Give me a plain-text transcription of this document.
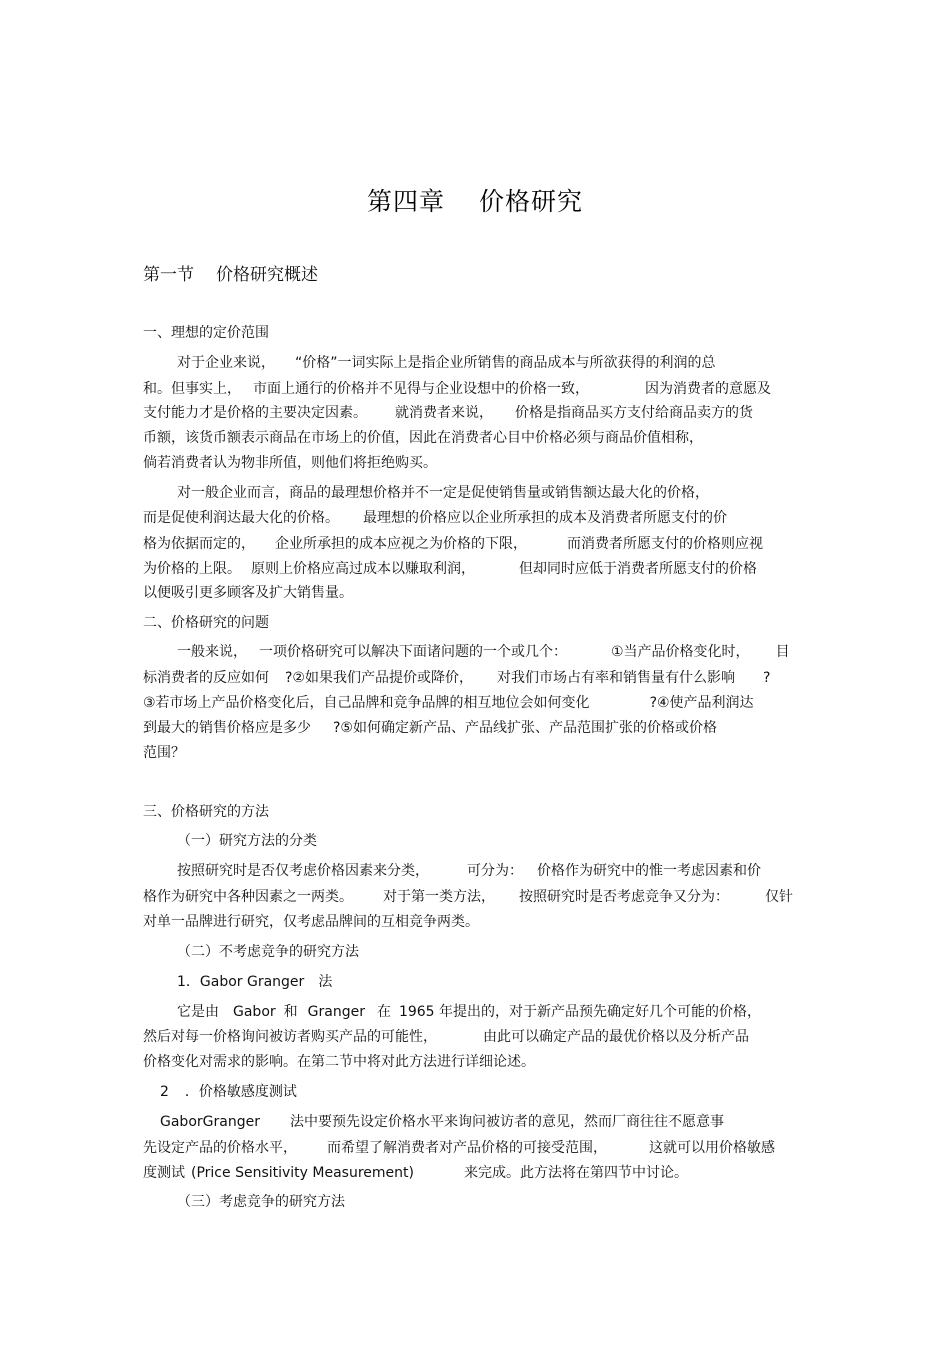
第四章 价格研究
第一节 价格研究概述
一、理想的定价范围
对于企业来说， “价格”一词实际上是指企业所销售的商品成本与所欲获得的利润的总
和。但事实上， 市面上通行的价格并不见得与企业设想中的价格一致，	因为消费者的意愿及
支付能力才是价格的主要决定因素。 就消费者来说， 价格是指商品买方支付给商品卖方的货
币额，该货币额表示商品在市场上的价值，因此在消费者心目中价格必须与商品价值相称，
倘若消费者认为物非所值，则他们将拒绝购买。
对一般企业而言，商品的最理想价格并不一定是促使销售量或销售额达最大化的价格，
而是促使利润达最大化的价格。 最理想的价格应以企业所承担的成本及消费者所愿支付的价
格为依据而定的， 企业所承担的成本应视之为价格的下限，	而消费者所愿支付的价格则应视
为价格的上限。 原则上价格应高过成本以赚取利润，	但却同时应低于消费者所愿支付的价格
以便吸引更多顾客及扩大销售量。
二、价格研究的问题
一般来说， 一项价格研究可以解决下面诸问题的一个或几个：	①当产品价格变化时， 目
标消费者的反应如何 ?②如果我们产品提价或降价， 对我们市场占有率和销售量有什么影响 ?
③若市场上产品价格变化后，自己品牌和竞争品牌的相互地位会如何变化	?④使产品利润达
到最大的销售价格应是多少 ?⑤如何确定新产品、产品线扩张、产品范围扩张的价格或价格
范围？
三、价格研究的方法
（一）研究方法的分类
按照研究时是否仅考虑价格因素来分类，	可分为： 价格作为研究中的惟一考虑因素和价
格作为研究中各种因素之一两类。 对于第一类方法， 按照研究时是否考虑竞争又分为：	仅针
对单一品牌进行研究，仅考虑品牌间的互相竞争两类。
（二）不考虑竞争的研究方法
1．Gabor Granger 法
它是由 Gabor 和 Granger 在 1965 年提出的，对于新产品预先确定好几个可能的价格，
然后对每一价格询问被访者购买产品的可能性，	由此可以确定产品的最优价格以及分析产品
价格变化对需求的影响。在第二节中将对此方法进行详细论述。
2 ．价格敏感度测试
GaborGranger 法中要预先设定价格水平来询问被访者的意见，然而厂商往往不愿意事
先设定产品的价格水平， 而希望了解消费者对产品价格的可接受范围，	这就可以用价格敏感
度测试 (Price Sensitivity Measurement)	来完成。此方法将在第四节中讨论。
（三）考虑竞争的研究方法
